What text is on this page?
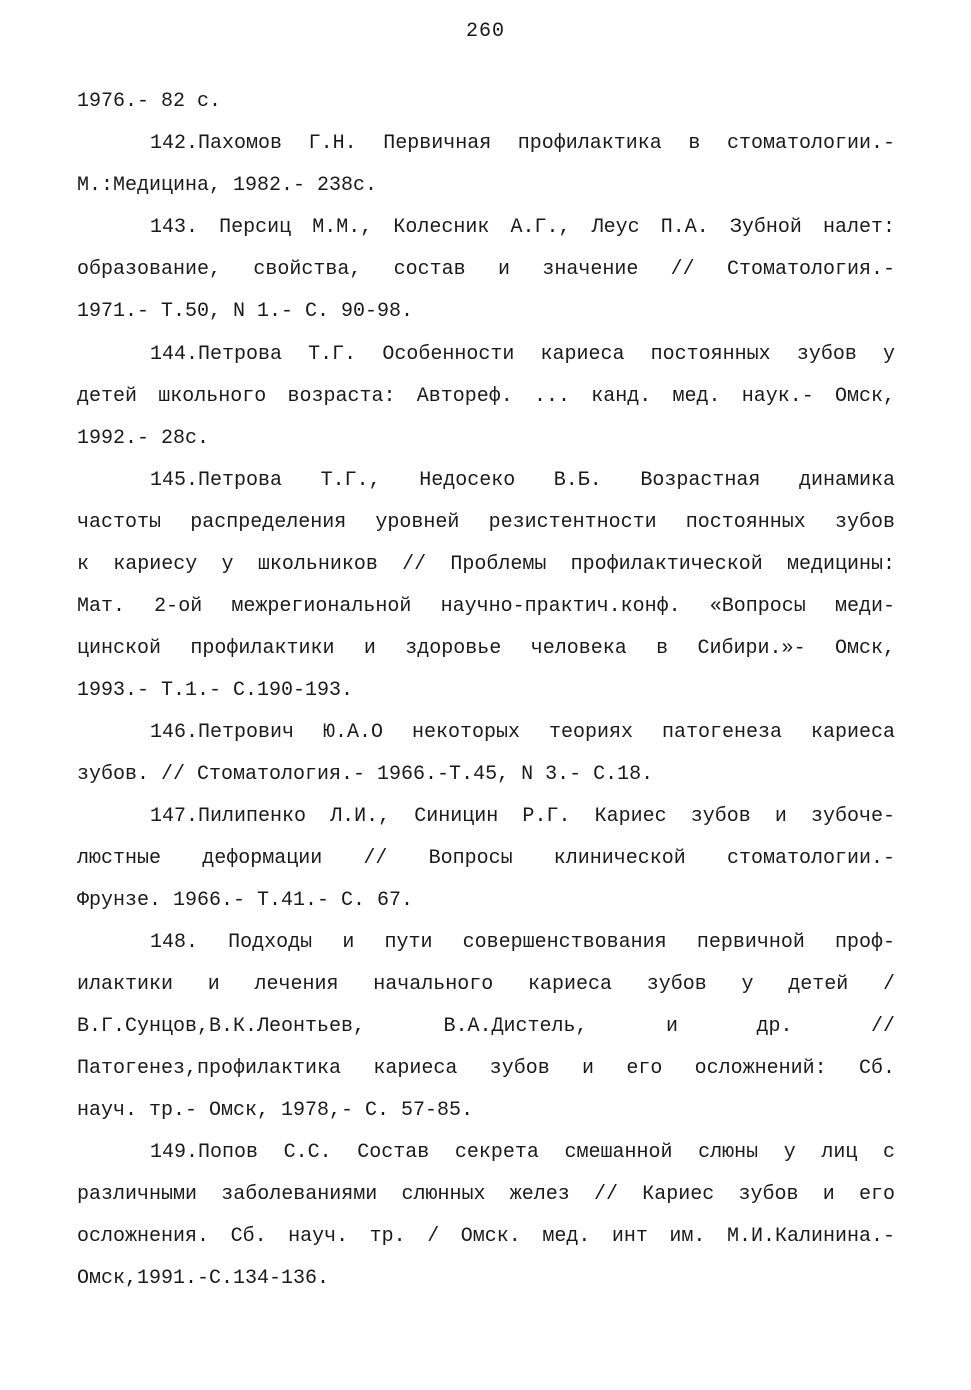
260
1976.- 82 с.
142.Пахомов Г.Н. Первичная профилактика в стоматологии.-
М.:Медицина, 1982.- 238с.
143. Персиц М.М., Колесник А.Г., Леус П.А. Зубной налет:
образование, свойства, состав и значение // Стоматология.-
1971.- Т.50, N 1.- С. 90-98.
144.Петрова Т.Г. Особенности кариеса постоянных зубов у
детей школьного возраста: Автореф. ... канд. мед. наук.- Омск,
1992.- 28с.
145.Петрова Т.Г., Недосеко В.Б. Возрастная динамика
частоты распределения уровней резистентности постоянных зубов
к кариесу у школьников // Проблемы профилактической медицины:
Мат. 2-ой межрегиональной научно-практич.конф. «Вопросы меди-
цинской профилактики и здоровье человека в Сибири.»- Омск,
1993.- Т.1.- С.190-193.
146.Петрович Ю.А.О некоторых теориях патогенеза кариеса
зубов. // Стоматология.- 1966.-Т.45, N 3.- С.18.
147.Пилипенко Л.И., Синицин Р.Г. Кариес зубов и зубоче-
люстные деформации // Вопросы клинической стоматологии.-
Фрунзе. 1966.- Т.41.- С. 67.
148. Подходы и пути совершенствования первичной проф-
илактики и лечения начального кариеса зубов у детей /
В.Г.Сунцов,В.К.Леонтьев, В.А.Дистель, и др. //
Патогенез,профилактика кариеса зубов и его осложнений: Сб.
науч. тр.- Омск, 1978,- С. 57-85.
149.Попов С.С. Состав секрета смешанной слюны у лиц с
различными заболеваниями слюнных желез // Кариес зубов и его
осложнения. Сб. науч. тр. / Омск. мед. инт им. М.И.Калинина.-
Омск,1991.-С.134-136.
